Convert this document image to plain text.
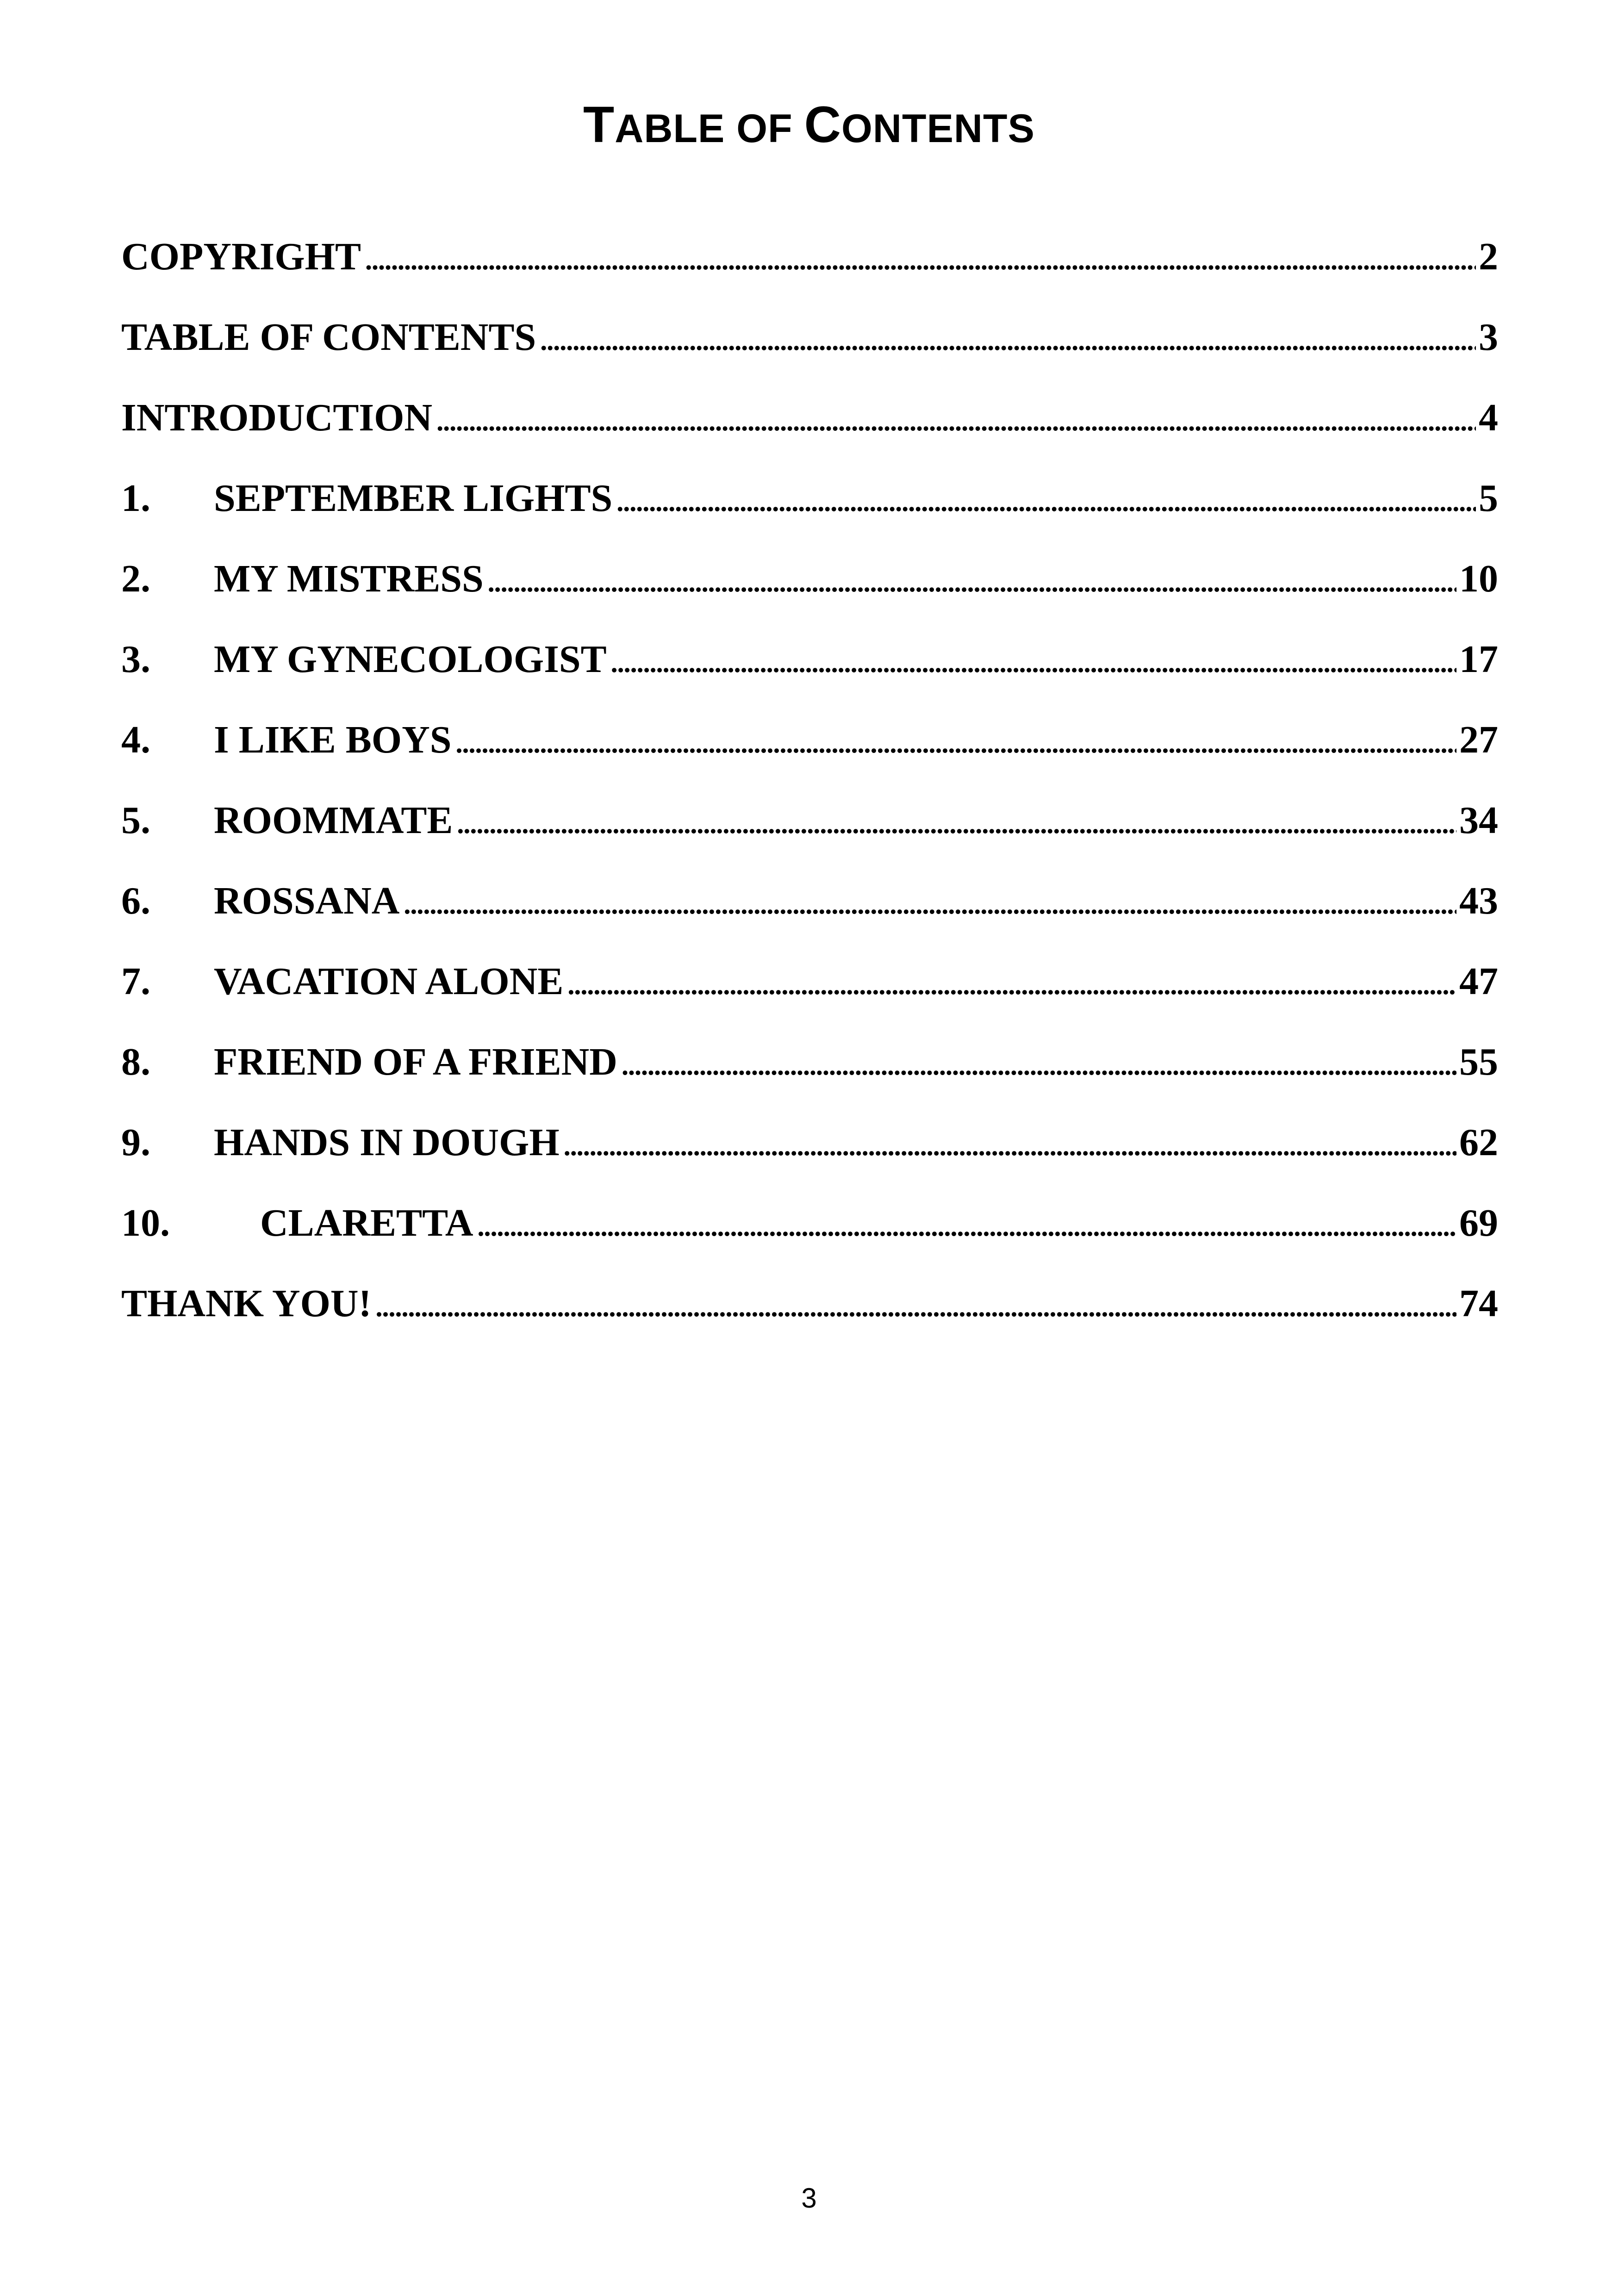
TABLE OF CONTENTS
COPYRIGHT . . .	2
TABLE OF CONTENTS . . .	3
INTRODUCTION . . .	4
1.	SEPTEMBER LIGHTS . . .	5
2.	MY MISTRESS . . .	10
3.	MY GYNECOLOGIST . . .	17
4.	I LIKE BOYS . . .	27
5.	ROOMMATE . . .	34
6.	ROSSANA . . .	43
7.	VACATION ALONE . . .	47
8.	FRIEND OF A FRIEND . . .	55
9.	HANDS IN DOUGH . . .	62
10.	CLARETTA . . .	69
THANK YOU! . . .	74
3
